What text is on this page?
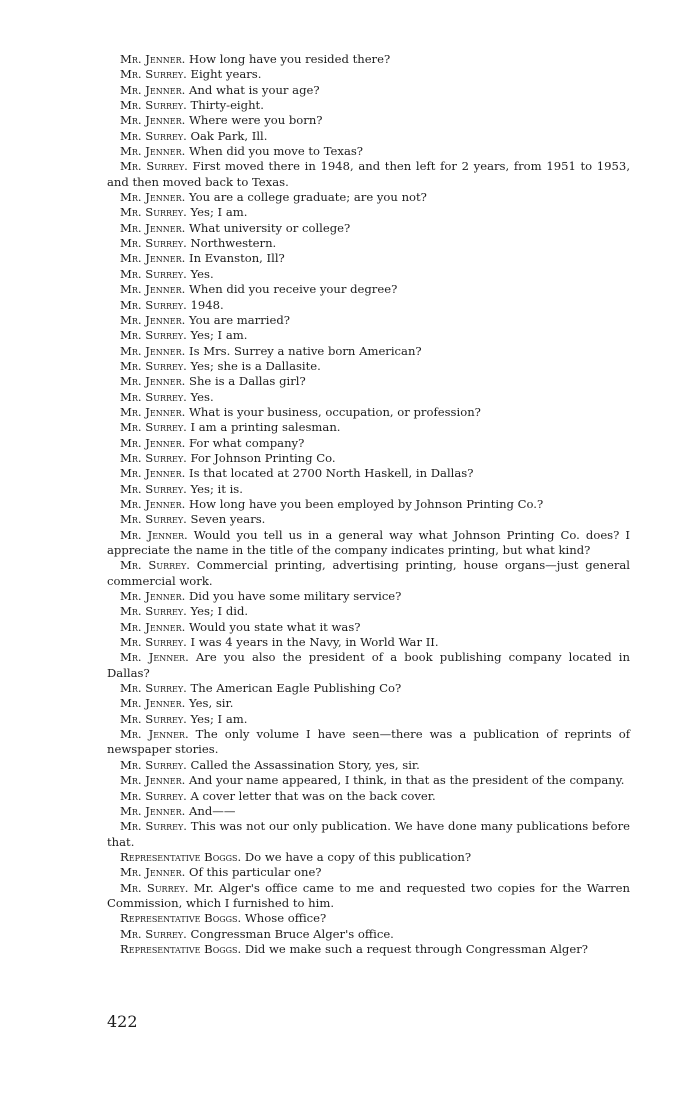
Mr. Jenner. How long have you resided there?

Mr. Surrey. Eight years.

Mr. Jenner. And what is your age?

Mr. Surrey. Thirty-eight.

Mr. Jenner. Where were you born?

Mr. Surrey. Oak Park, Ill.

Mr. Jenner. When did you move to Texas?

Mr. Surrey. First moved there in 1948, and then left for 2 years, from 1951 to 1953, and then moved back to Texas.

Mr. Jenner. You are a college graduate; are you not?

Mr. Surrey. Yes; I am.

Mr. Jenner. What university or college?

Mr. Surrey. Northwestern.

Mr. Jenner. In Evanston, Ill?

Mr. Surrey. Yes.

Mr. Jenner. When did you receive your degree?

Mr. Surrey. 1948.

Mr. Jenner. You are married?

Mr. Surrey. Yes; I am.

Mr. Jenner. Is Mrs. Surrey a native born American?

Mr. Surrey. Yes; she is a Dallasite.

Mr. Jenner. She is a Dallas girl?

Mr. Surrey. Yes.

Mr. Jenner. What is your business, occupation, or profession?

Mr. Surrey. I am a printing salesman.

Mr. Jenner. For what company?

Mr. Surrey. For Johnson Printing Co.

Mr. Jenner. Is that located at 2700 North Haskell, in Dallas?

Mr. Surrey. Yes; it is.

Mr. Jenner. How long have you been employed by Johnson Printing Co.?

Mr. Surrey. Seven years.

Mr. Jenner. Would you tell us in a general way what Johnson Printing Co. does? I appreciate the name in the title of the company indicates printing, but what kind?

Mr. Surrey. Commercial printing, advertising printing, house organs—just general commercial work.

Mr. Jenner. Did you have some military service?

Mr. Surrey. Yes; I did.

Mr. Jenner. Would you state what it was?

Mr. Surrey. I was 4 years in the Navy, in World War II.

Mr. Jenner. Are you also the president of a book publishing company located in Dallas?

Mr. Surrey. The American Eagle Publishing Co?

Mr. Jenner. Yes, sir.

Mr. Surrey. Yes; I am.

Mr. Jenner. The only volume I have seen—there was a publication of reprints of newspaper stories.

Mr. Surrey. Called the Assassination Story, yes, sir.

Mr. Jenner. And your name appeared, I think, in that as the president of the company.

Mr. Surrey. A cover letter that was on the back cover.

Mr. Jenner. And——

Mr. Surrey. This was not our only publication. We have done many publications before that.

Representative Boggs. Do we have a copy of this publication?

Mr. Jenner. Of this particular one?

Mr. Surrey. Mr. Alger's office came to me and requested two copies for the Warren Commission, which I furnished to him.

Representative Boggs. Whose office?

Mr. Surrey. Congressman Bruce Alger's office.

Representative Boggs. Did we make such a request through Congressman Alger?

422
